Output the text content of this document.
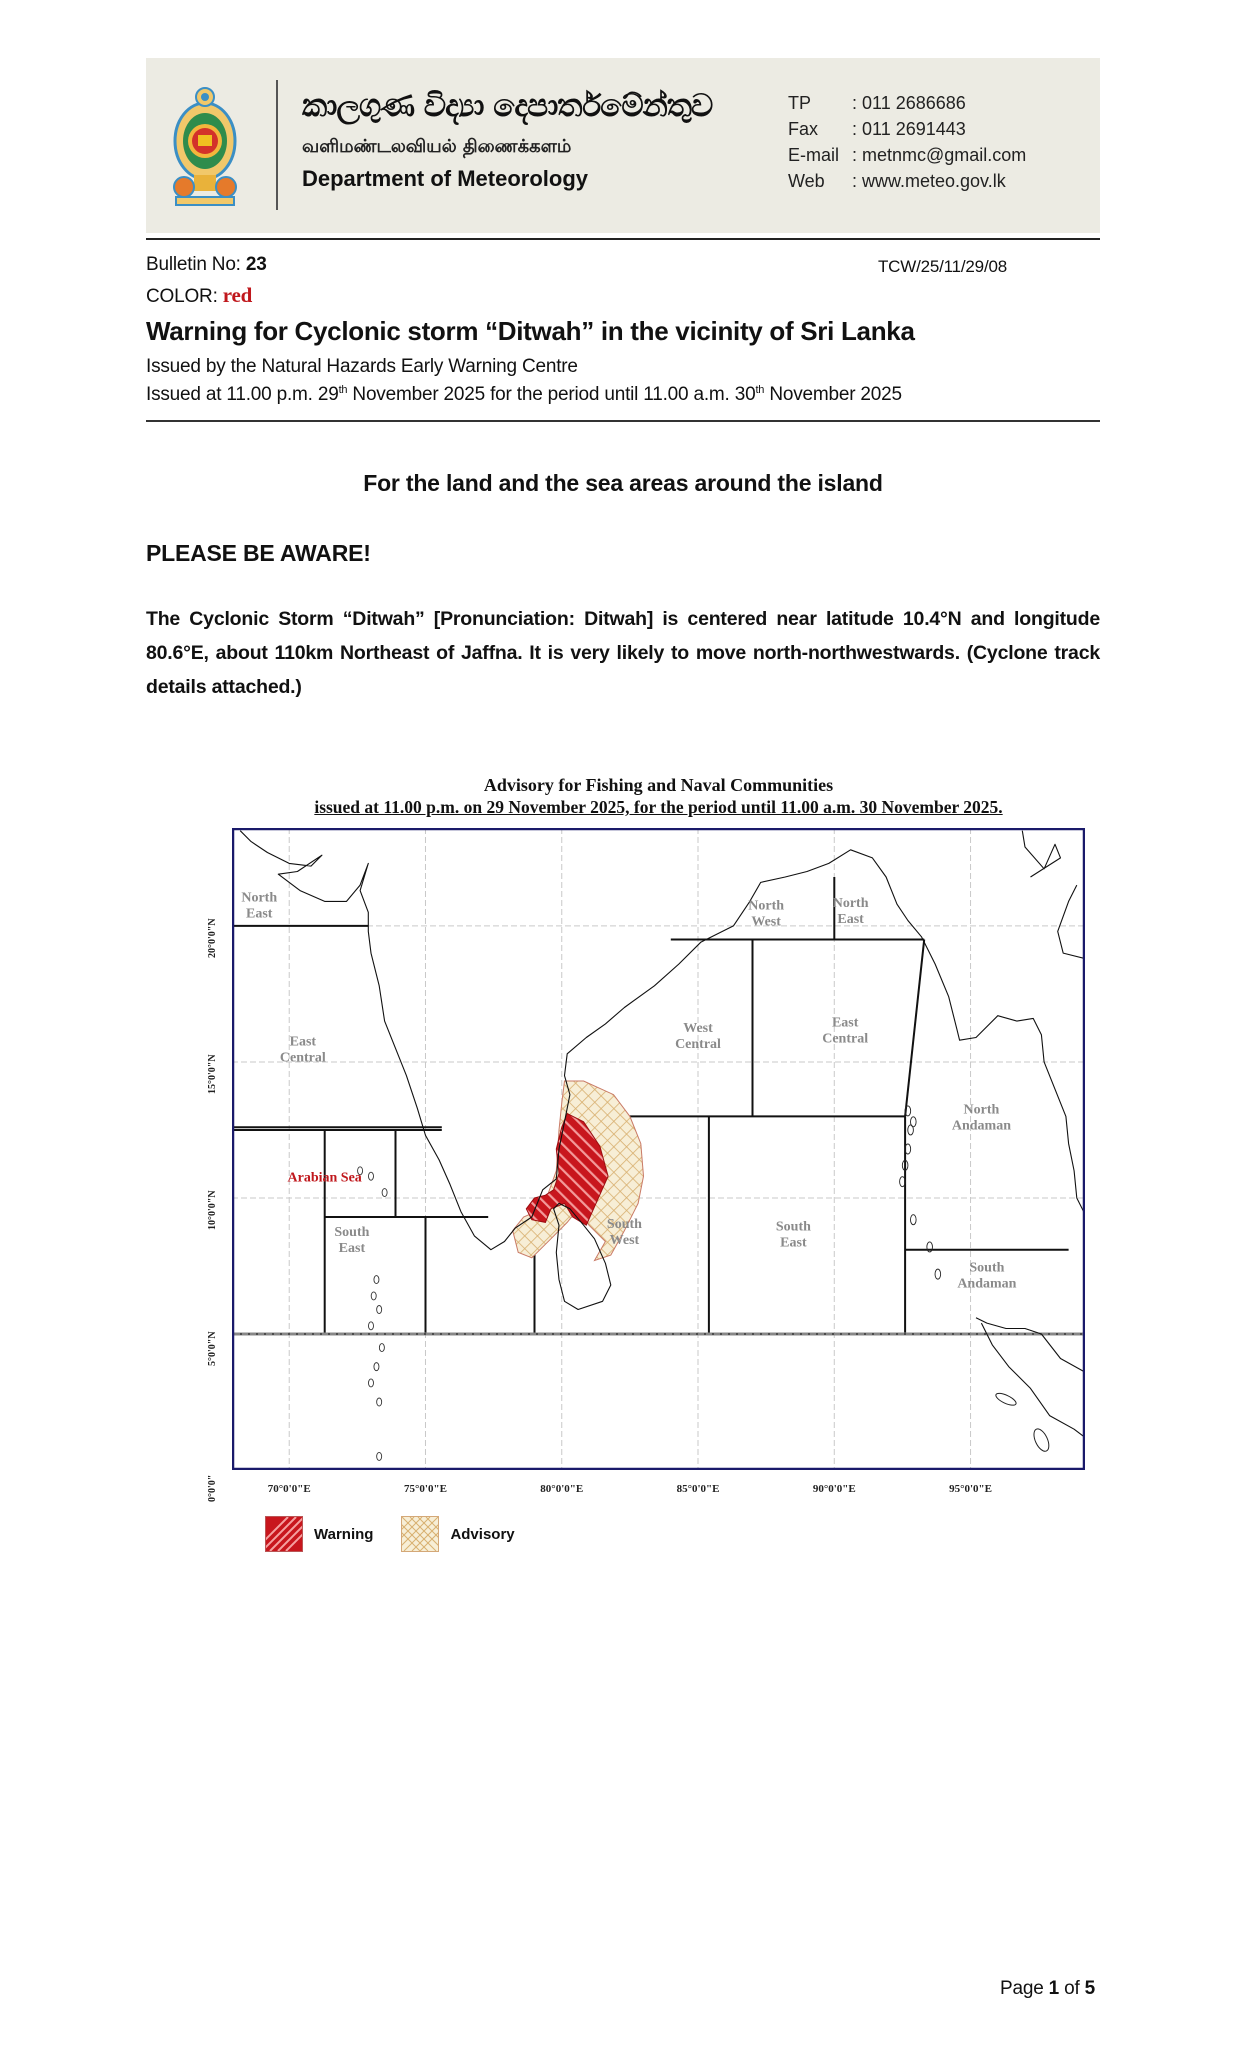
කාලගුණ විද්‍යා දෙපාර්තමේන්තුව
வளிமண்டலவியல் திணைக்களம்
Department of Meteorology
TP	: 011 2686686
Fax	: 011 2691443
E-mail : metnmc@gmail.com
Web	: www.meteo.gov.lk
Bulletin No: 23	TCW/25/11/29/08
COLOR: red
Warning for Cyclonic storm “Ditwah” in the vicinity of Sri Lanka
Issued by the Natural Hazards Early Warning Centre
Issued at 11.00 p.m. 29th November 2025 for the period until 11.00 a.m. 30th November 2025
For the land and the sea areas around the island
PLEASE BE AWARE!
The Cyclonic Storm “Ditwah” [Pronunciation: Ditwah] is centered near latitude 10.4°N and longitude 80.6°E, about 110km Northeast of Jaffna. It is very likely to move north-northwestwards. (Cyclone track details attached.)
Advisory for Fishing and Naval Communities
issued at 11.00 p.m. on 29 November 2025, for the period until 11.00 a.m. 30 November 2025.
North East
East Central
Arabian Sea
South East
North West
North East
West Central
East Central
North Andaman
South West
South East
South Andaman
70°0'0"E	75°0'0"E	80°0'0"E	85°0'0"E	90°0'0"E	95°0'0"E
20°0'0"N
15°0'0"N
10°0'0"N
5°0'0"N
0°0'0"
Warning	Advisory
Page 1 of 5
